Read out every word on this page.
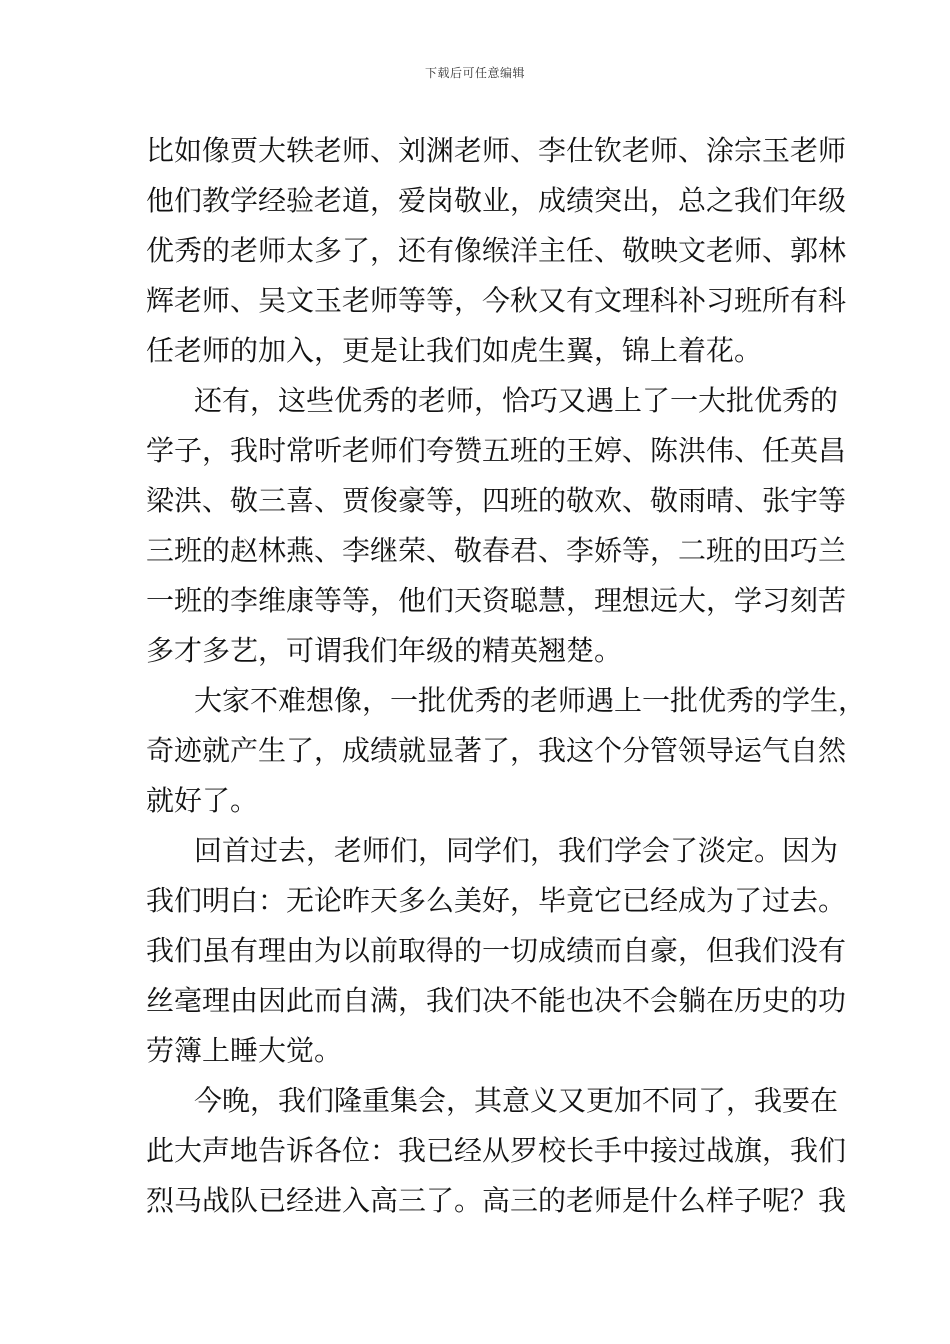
下载后可任意编辑
比如像贾大轶老师、刘渊老师、李仕钦老师、涂宗玉老师
他们教学经验老道，爱岗敬业，成绩突出，总之我们年级
优秀的老师太多了，还有像缑洋主任、敬映文老师、郭林
辉老师、吴文玉老师等等，今秋又有文理科补习班所有科
任老师的加入，更是让我们如虎生翼，锦上着花。
还有，这些优秀的老师，恰巧又遇上了一大批优秀的
学子，我时常听老师们夸赞五班的王婷、陈洪伟、任英昌
梁洪、敬三喜、贾俊豪等，四班的敬欢、敬雨晴、张宇等
三班的赵林燕、李继荣、敬春君、李娇等，二班的田巧兰
一班的李维康等等，他们天资聪慧，理想远大，学习刻苦
多才多艺，可谓我们年级的精英翘楚。
大家不难想像，一批优秀的老师遇上一批优秀的学生，
奇迹就产生了，成绩就显著了，我这个分管领导运气自然
就好了。
回首过去，老师们，同学们，我们学会了淡定。因为
我们明白：无论昨天多么美好，毕竟它已经成为了过去。
我们虽有理由为以前取得的一切成绩而自豪，但我们没有
丝毫理由因此而自满，我们决不能也决不会躺在历史的功
劳簿上睡大觉。
今晚，我们隆重集会，其意义又更加不同了，我要在
此大声地告诉各位：我已经从罗校长手中接过战旗，我们
烈马战队已经进入高三了。高三的老师是什么样子呢？我
